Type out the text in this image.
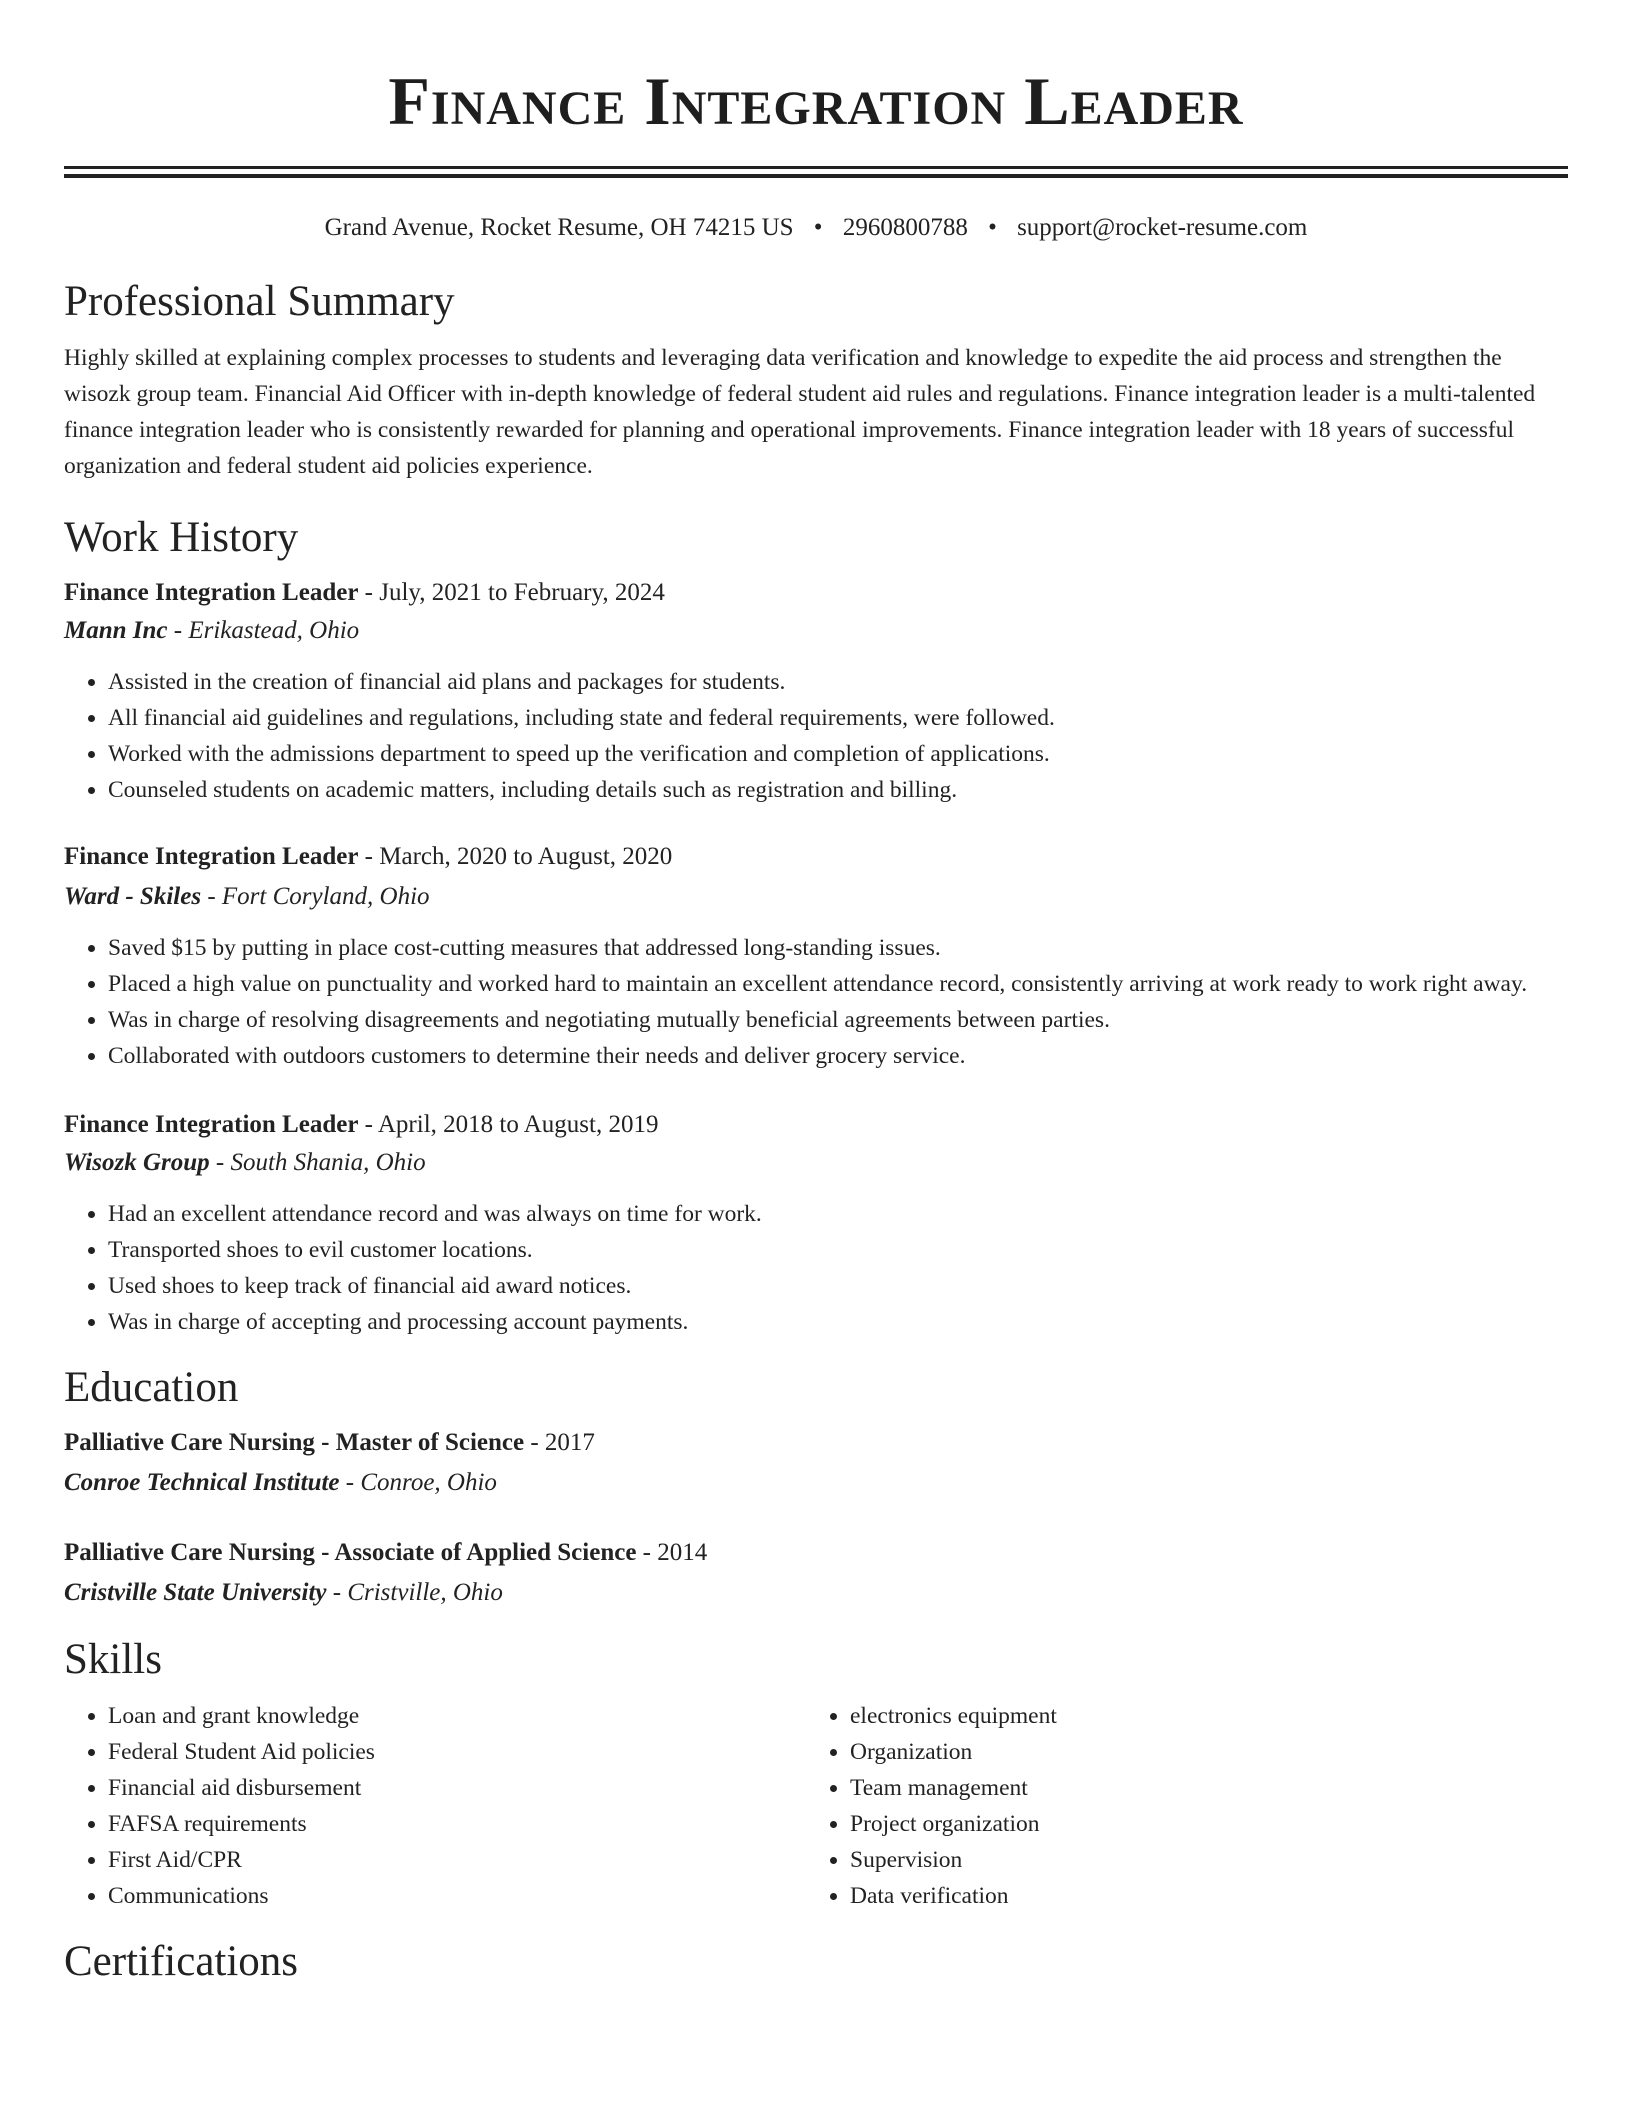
Finance Integration Leader
Grand Avenue, Rocket Resume, OH 74215 US • 2960800788 • support@rocket-resume.com
Professional Summary

Highly skilled at explaining complex processes to students and leveraging data verification and knowledge to expedite the aid process and strengthen the wisozk group team. Financial Aid Officer with in-depth knowledge of federal student aid rules and regulations. Finance integration leader is a multi-talented finance integration leader who is consistently rewarded for planning and operational improvements. Finance integration leader with 18 years of successful organization and federal student aid policies experience.

Work History
Finance Integration Leader - July, 2021 to February, 2024
Mann Inc - Erikastead, Ohio
• Assisted in the creation of financial aid plans and packages for students.
• All financial aid guidelines and regulations, including state and federal requirements, were followed.
• Worked with the admissions department to speed up the verification and completion of applications.
• Counseled students on academic matters, including details such as registration and billing.
Finance Integration Leader - March, 2020 to August, 2020
Ward - Skiles - Fort Coryland, Ohio
• Saved $15 by putting in place cost-cutting measures that addressed long-standing issues.
• Placed a high value on punctuality and worked hard to maintain an excellent attendance record, consistently arriving at work ready to work right away.
• Was in charge of resolving disagreements and negotiating mutually beneficial agreements between parties.
• Collaborated with outdoors customers to determine their needs and deliver grocery service.
Finance Integration Leader - April, 2018 to August, 2019
Wisozk Group - South Shania, Ohio
• Had an excellent attendance record and was always on time for work.
• Transported shoes to evil customer locations.
• Used shoes to keep track of financial aid award notices.
• Was in charge of accepting and processing account payments.
Education
Palliative Care Nursing - Master of Science - 2017
Conroe Technical Institute - Conroe, Ohio
Palliative Care Nursing - Associate of Applied Science - 2014
Cristville State University - Cristville, Ohio
Skills
• Loan and grant knowledge
• Federal Student Aid policies
• Financial aid disbursement
• FAFSA requirements
• First Aid/CPR
• Communications
• electronics equipment
• Organization
• Team management
• Project organization
• Supervision
• Data verification
Certifications
